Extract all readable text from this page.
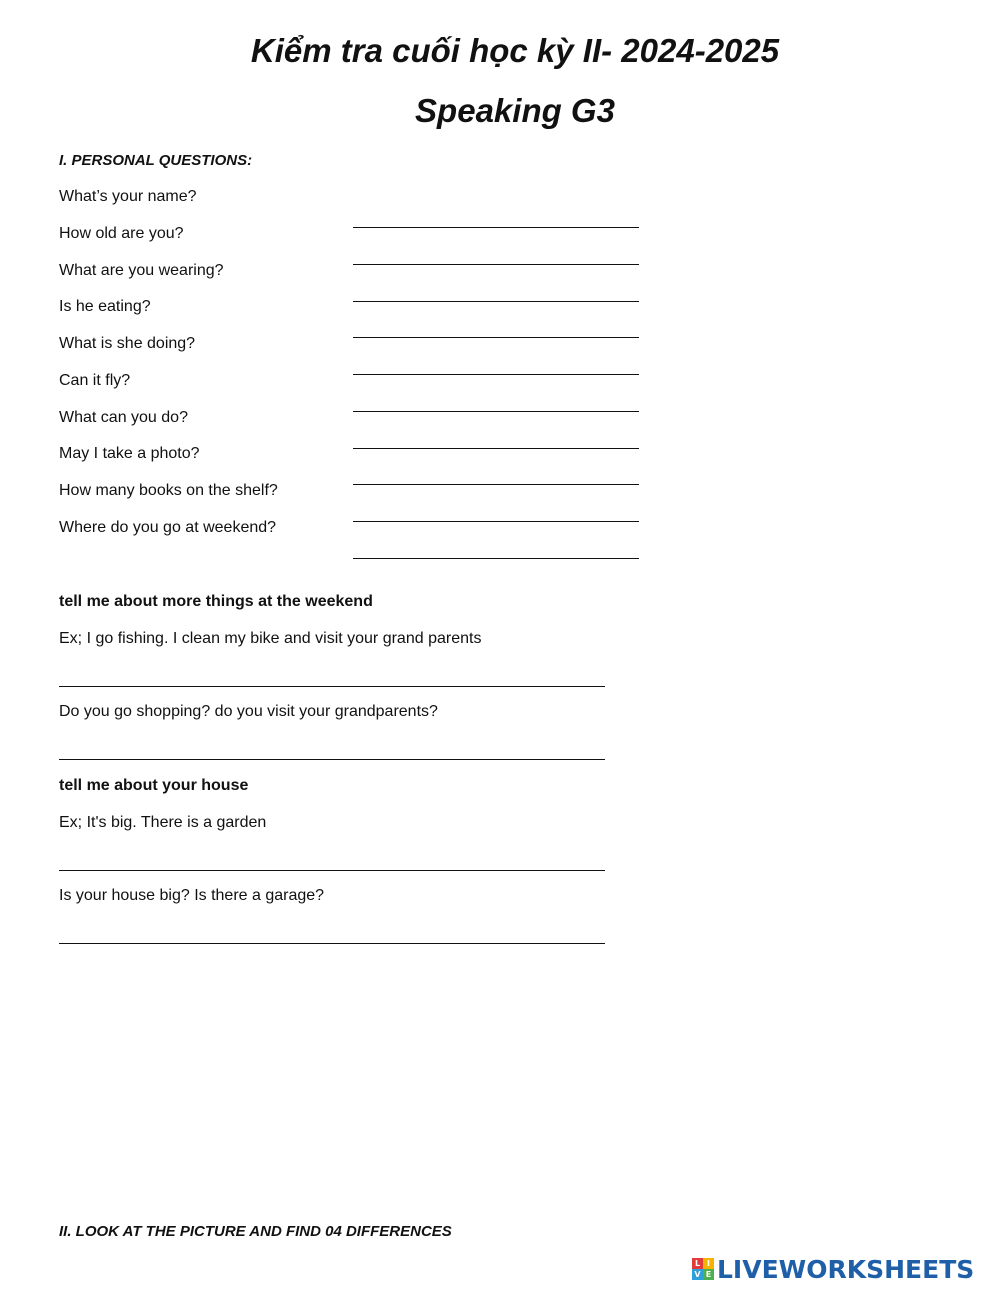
Kiểm tra cuối học kỳ II- 2024-2025
Speaking G3
I. PERSONAL QUESTIONS:
What’s your name?
How old are you?
What are you wearing?
Is he eating?
What is she doing?
Can it fly?
What can you do?
May I take a photo?
How many books on the shelf?
Where do you go at weekend?
tell me about more things at the weekend
Ex; I go fishing. I clean my bike and visit your grand parents
Do you go shopping? do you visit your grandparents?
tell me about your house
Ex; It's big. There is a garden
Is your house big? Is there a garage?
II. LOOK AT THE PICTURE AND FIND 04 DIFFERENCES
L I
V E LIVEWORKSHEETS
